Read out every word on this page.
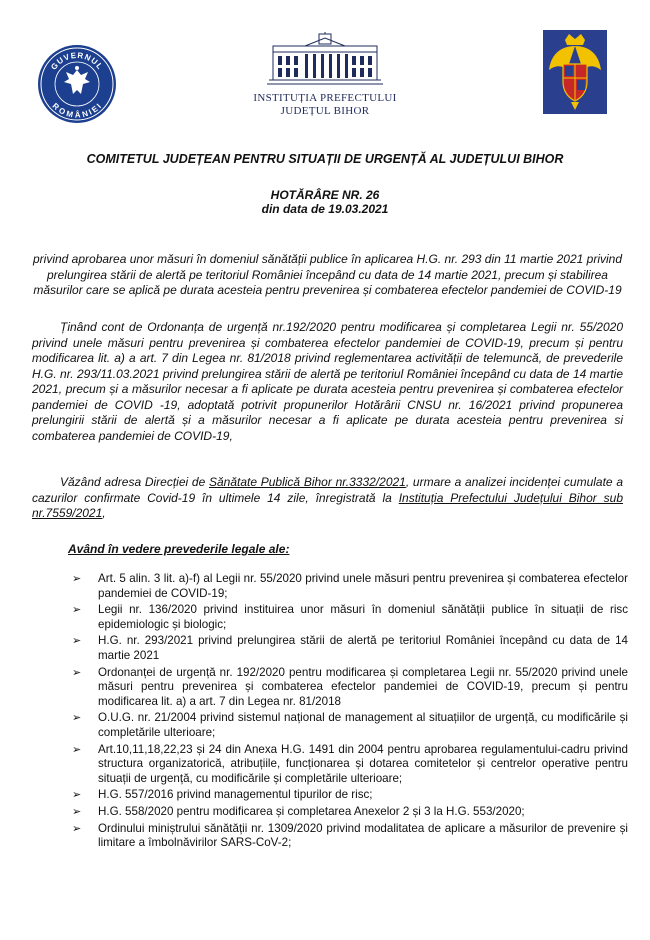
GUVERNUL
ROMÂNIEI
INSTITUȚIA PREFECTULUI
JUDEȚUL BIHOR
COMITETUL JUDEȚEAN PENTRU SITUAȚII DE URGENȚĂ AL JUDEȚULUI BIHOR
HOTĂRÂRE NR. 26
din data de 19.03.2021
privind aprobarea unor măsuri în domeniul sănătății publice în aplicarea H.G. nr. 293 din 11 martie 2021 privind prelungirea stării de alertă pe teritoriul României începând cu data de 14 martie 2021, precum și stabilirea măsurilor care se aplică pe durata acesteia pentru prevenirea și combaterea efectelor pandemiei de COVID-19
Ținând cont de Ordonanța de urgență nr.192/2020 pentru modificarea și completarea Legii nr. 55/2020 privind unele măsuri pentru prevenirea și combaterea efectelor pandemiei de COVID-19, precum și pentru modificarea lit. a) a art. 7 din Legea nr. 81/2018 privind reglementarea activității de telemuncă, de prevederile H.G. nr. 293/11.03.2021 privind prelungirea stării de alertă pe teritoriul României începând cu data de 14 martie 2021, precum și a măsurilor necesar a fi aplicate pe durata acesteia pentru prevenirea și combaterea efectelor pandemiei de COVID -19, adoptată potrivit propunerilor Hotărârii CNSU nr. 16/2021 privind propunerea prelungirii stării de alertă și a măsurilor necesar a fi aplicate pe durata acesteia pentru prevenirea si combaterea pandemiei de COVID-19,
Văzând adresa Direcției de Sănătate Publică Bihor nr.3332/2021, urmare a analizei incidenței cumulate a cazurilor confirmate Covid-19 în ultimele 14 zile, înregistrată la Instituția Prefectului Județului Bihor sub nr.7559/2021,
Având în vedere prevederile legale ale:
➢ Art. 5 alin. 3 lit. a)-f) al Legii nr. 55/2020 privind unele măsuri pentru prevenirea și combaterea efectelor pandemiei de COVID-19;
➢ Legii nr. 136/2020 privind instituirea unor măsuri în domeniul sănătății publice în situații de risc epidemiologic și biologic;
➢ H.G. nr. 293/2021 privind prelungirea stării de alertă pe teritoriul României începând cu data de 14 martie 2021
➢ Ordonanței de urgență nr. 192/2020 pentru modificarea și completarea Legii nr. 55/2020 privind unele măsuri pentru prevenirea și combaterea efectelor pandemiei de COVID-19, precum și pentru modificarea lit. a) a art. 7 din Legea nr. 81/2018
➢ O.U.G. nr. 21/2004 privind sistemul național de management al situațiilor de urgență, cu modificările și completările ulterioare;
➢ Art.10,11,18,22,23 și 24 din Anexa H.G. 1491 din 2004 pentru aprobarea regulamentului-cadru privind structura organizatorică, atribuțiile, funcționarea și dotarea comitetelor și centrelor operative pentru situații de urgență, cu modificările și completările ulterioare;
➢ H.G. 557/2016 privind managementul tipurilor de risc;
➢ H.G. 558/2020 pentru modificarea și completarea Anexelor 2 și 3 la H.G. 553/2020;
➢ Ordinului miniștrului sănătății nr. 1309/2020 privind modalitatea de aplicare a măsurilor de prevenire și limitare a îmbolnăvirilor SARS-CoV-2;
